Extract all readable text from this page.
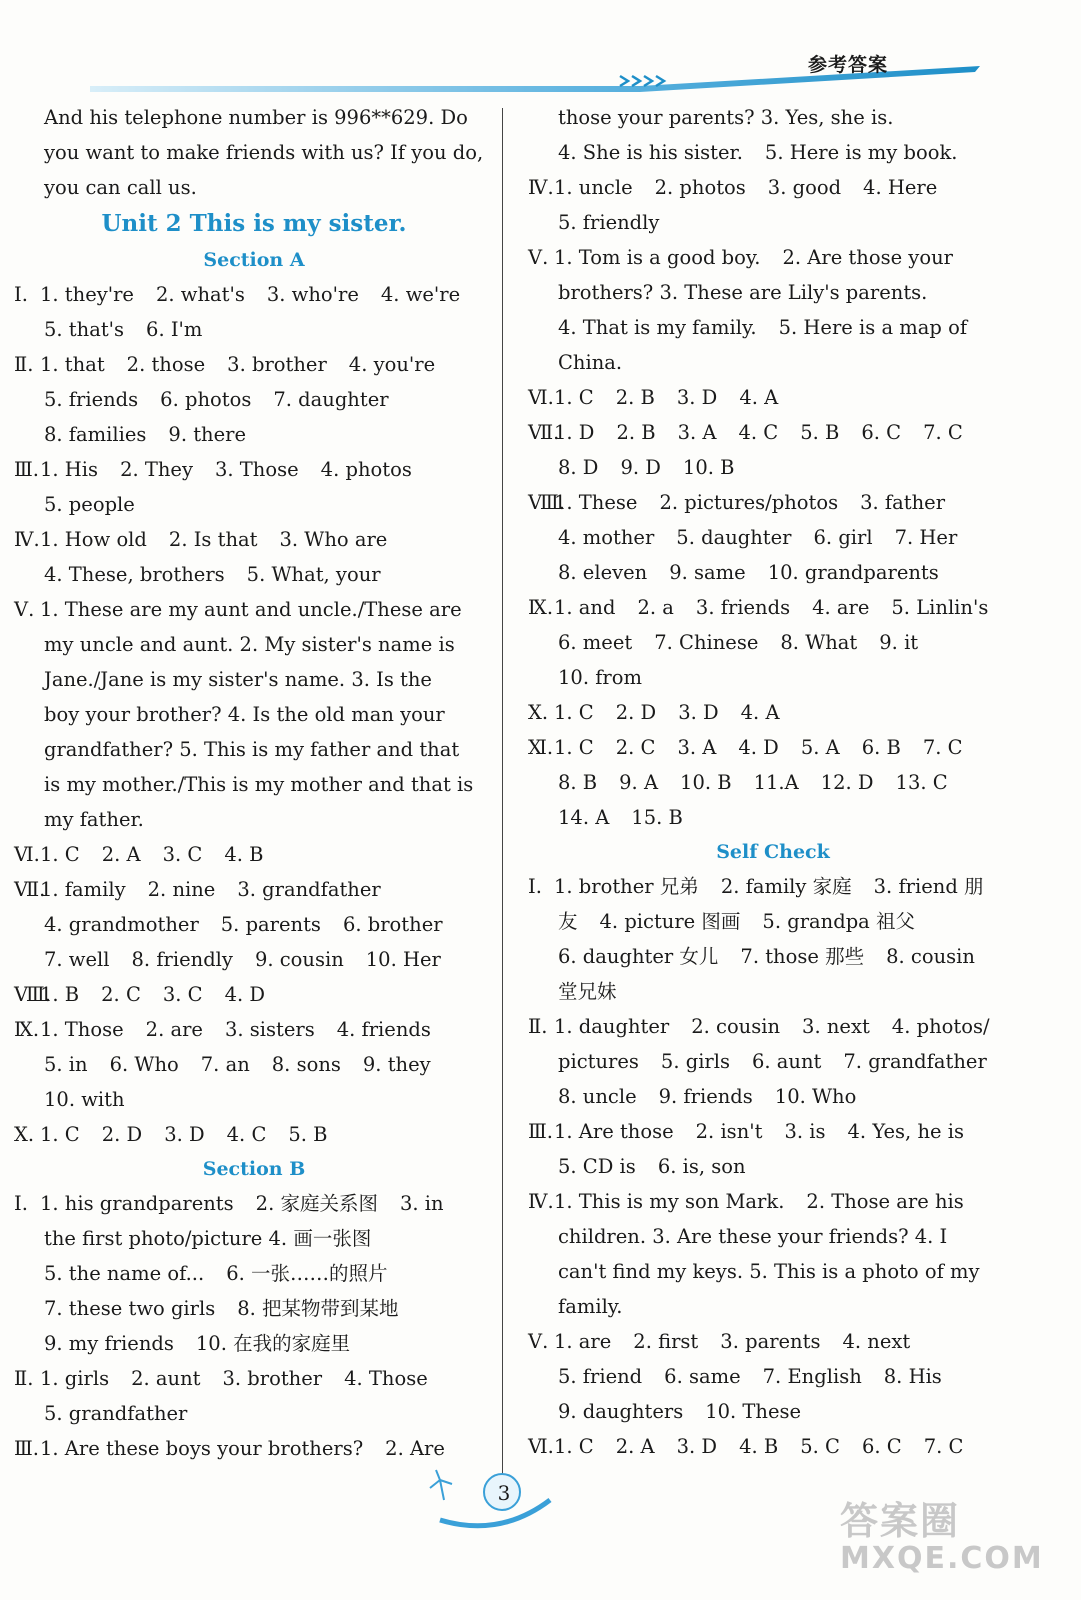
参考答案
And his telephone number is 996**629. Do
you want to make friends with us? If you do,
you can call us.
Unit 2 This is my sister.
Section A
Ⅰ. 1. they're 2. what's 3. who're 4. we're
5. that's 6. I'm
Ⅱ. 1. that 2. those 3. brother 4. you're
5. friends 6. photos 7. daughter
8. families 9. there
Ⅲ.1. His 2. They 3. Those 4. photos
5. people
Ⅳ.1. How old 2. Is that 3. Who are
4. These, brothers 5. What, your
Ⅴ. 1. These are my aunt and uncle./These are
my uncle and aunt. 2. My sister's name is
Jane./Jane is my sister's name. 3. Is the
boy your brother? 4. Is the old man your
grandfather? 5. This is my father and that
is my mother./This is my mother and that is
my father.
Ⅵ.1. C 2. A 3. C 4. B
Ⅶ.1. family 2. nine 3. grandfather
4. grandmother 5. parents 6. brother
7. well 8. friendly 9. cousin 10. Her
Ⅷ.1. B 2. C 3. C 4. D
Ⅸ.1. Those 2. are 3. sisters 4. friends
5. in 6. Who 7. an 8. sons 9. they
10. with
Ⅹ. 1. C 2. D 3. D 4. C 5. B
Section B
Ⅰ. 1. his grandparents 2. 家庭关系图 3. in
the first photo/picture 4. 画一张图
5. the name of... 6. 一张……的照片
7. these two girls 8. 把某物带到某地
9. my friends 10. 在我的家庭里
Ⅱ. 1. girls 2. aunt 3. brother 4. Those
5. grandfather
Ⅲ.1. Are these boys your brothers? 2. Are
those your parents? 3. Yes, she is.
4. She is his sister. 5. Here is my book.
Ⅳ.1. uncle 2. photos 3. good 4. Here
5. friendly
Ⅴ. 1. Tom is a good boy. 2. Are those your
brothers? 3. These are Lily's parents.
4. That is my family. 5. Here is a map of
China.
Ⅵ.1. C 2. B 3. D 4. A
Ⅶ.1. D 2. B 3. A 4. C 5. B 6. C 7. C
8. D 9. D 10. B
Ⅷ.1. These 2. pictures/photos 3. father
4. mother 5. daughter 6. girl 7. Her
8. eleven 9. same 10. grandparents
Ⅸ.1. and 2. a 3. friends 4. are 5. Linlin's
6. meet 7. Chinese 8. What 9. it
10. from
Ⅹ. 1. C 2. D 3. D 4. A
Ⅺ.1. C 2. C 3. A 4. D 5. A 6. B 7. C
8. B 9. A 10. B 11.A 12. D 13. C
14. A 15. B
Self Check
Ⅰ. 1. brother 兄弟 2. family 家庭 3. friend 朋
友 4. picture 图画 5. grandpa 祖父
6. daughter 女儿 7. those 那些 8. cousin
堂兄妹
Ⅱ. 1. daughter 2. cousin 3. next 4. photos/
pictures 5. girls 6. aunt 7. grandfather
8. uncle 9. friends 10. Who
Ⅲ.1. Are those 2. isn't 3. is 4. Yes, he is
5. CD is 6. is, son
Ⅳ.1. This is my son Mark. 2. Those are his
children. 3. Are these your friends? 4. I
can't find my keys. 5. This is a photo of my
family.
Ⅴ. 1. are 2. first 3. parents 4. next
5. friend 6. same 7. English 8. His
9. daughters 10. These
Ⅵ.1. C 2. A 3. D 4. B 5. C 6. C 7. C
3
答案圈
MXQE.COM
